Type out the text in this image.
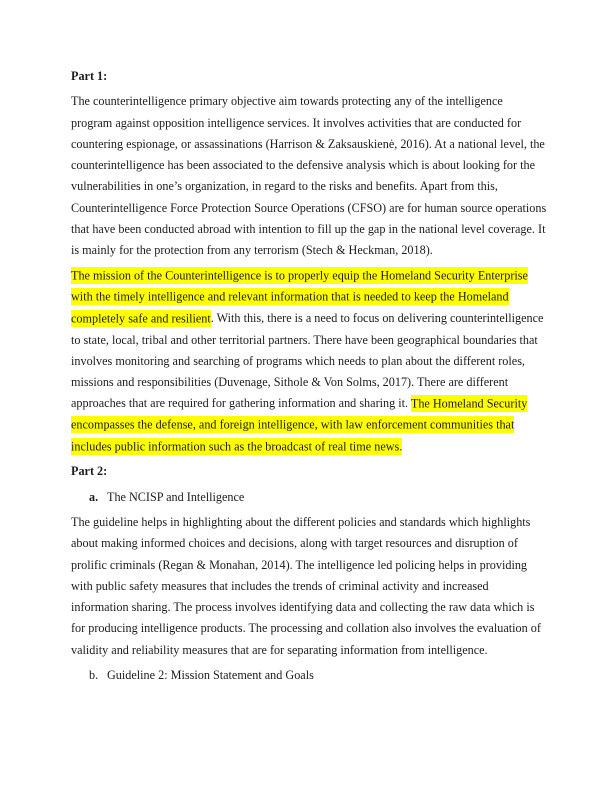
Part 1:
The counterintelligence primary objective aim towards protecting any of the intelligence
program against opposition intelligence services. It involves activities that are conducted for
countering espionage, or assassinations (Harrison & Zaksauskienė, 2016). At a national level, the
counterintelligence has been associated to the defensive analysis which is about looking for the
vulnerabilities in one’s organization, in regard to the risks and benefits. Apart from this,
Counterintelligence Force Protection Source Operations (CFSO) are for human source operations
that have been conducted abroad with intention to fill up the gap in the national level coverage. It
is mainly for the protection from any terrorism (Stech & Heckman, 2018).
The mission of the Counterintelligence is to properly equip the Homeland Security Enterprise
with the timely intelligence and relevant information that is needed to keep the Homeland
completely safe and resilient. With this, there is a need to focus on delivering counterintelligence
to state, local, tribal and other territorial partners. There have been geographical boundaries that
involves monitoring and searching of programs which needs to plan about the different roles,
missions and responsibilities (Duvenage, Sithole & Von Solms, 2017). There are different
approaches that are required for gathering information and sharing it. The Homeland Security
encompasses the defense, and foreign intelligence, with law enforcement communities that
includes public information such as the broadcast of real time news.
Part 2:
a. The NCISP and Intelligence
The guideline helps in highlighting about the different policies and standards which highlights
about making informed choices and decisions, along with target resources and disruption of
prolific criminals (Regan & Monahan, 2014). The intelligence led policing helps in providing
with public safety measures that includes the trends of criminal activity and increased
information sharing. The process involves identifying data and collecting the raw data which is
for producing intelligence products. The processing and collation also involves the evaluation of
validity and reliability measures that are for separating information from intelligence.
b. Guideline 2: Mission Statement and Goals
